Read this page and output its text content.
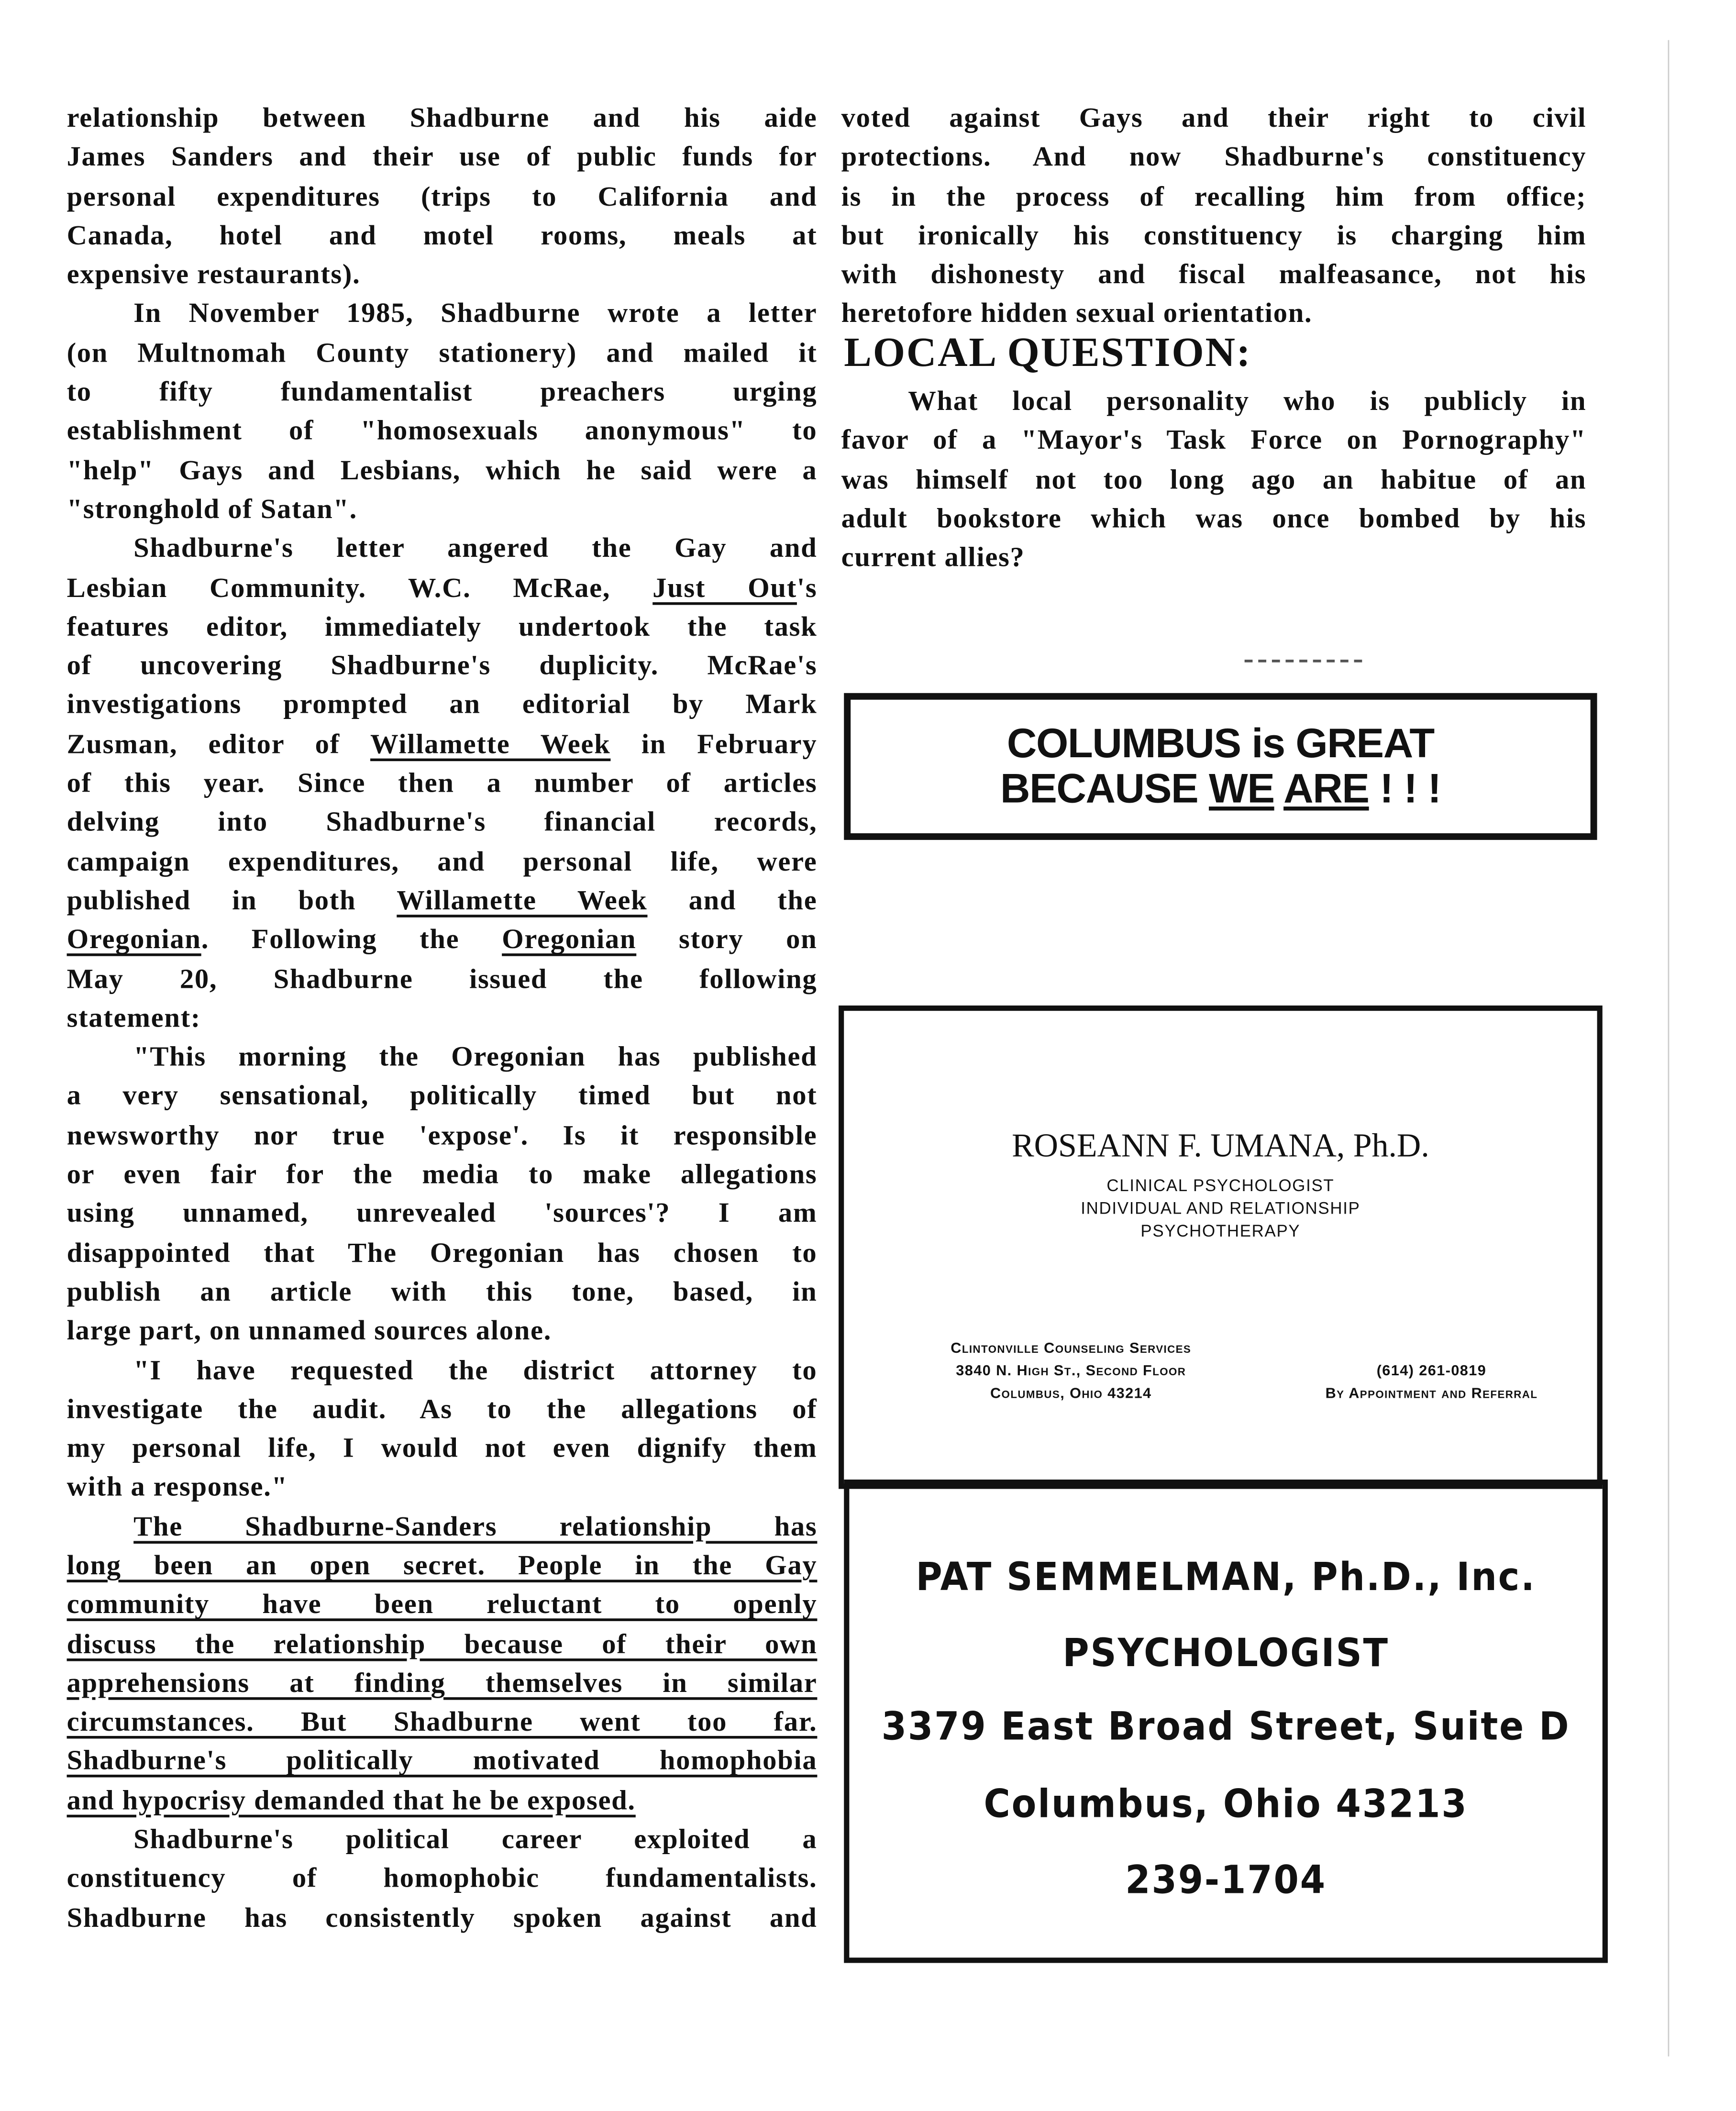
relationship between Shadburne and his aide
James Sanders and their use of public funds for
personal expenditures (trips to California and
Canada, hotel and motel rooms, meals at
expensive restaurants).
In November 1985, Shadburne wrote a letter
(on Multnomah County stationery) and mailed it
to fifty fundamentalist preachers urging
establishment of "homosexuals anonymous" to
"help" Gays and Lesbians, which he said were a
"stronghold of Satan".
Shadburne's letter angered the Gay and
Lesbian Community. W.C. McRae, Just Out's
features editor, immediately undertook the task
of uncovering Shadburne's duplicity. McRae's
investigations prompted an editorial by Mark
Zusman, editor of Willamette Week in February
of this year. Since then a number of articles
delving into Shadburne's financial records,
campaign expenditures, and personal life, were
published in both Willamette Week and the
Oregonian. Following the Oregonian story on
May 20, Shadburne issued the following
statement:
"This morning the Oregonian has published
a very sensational, politically timed but not
newsworthy nor true 'expose'. Is it responsible
or even fair for the media to make allegations
using unnamed, unrevealed 'sources'? I am
disappointed that The Oregonian has chosen to
publish an article with this tone, based, in
large part, on unnamed sources alone.
"I have requested the district attorney to
investigate the audit. As to the allegations of
my personal life, I would not even dignify them
with a response."
The Shadburne-Sanders relationship has
long been an open secret. People in the Gay
community have been reluctant to openly
discuss the relationship because of their own
apprehensions at finding themselves in similar
circumstances. But Shadburne went too far.
Shadburne's politically motivated homophobia
and hypocrisy demanded that he be exposed.
Shadburne's political career exploited a
constituency of homophobic fundamentalists.
Shadburne has consistently spoken against and
voted against Gays and their right to civil
protections. And now Shadburne's constituency
is in the process of recalling him from office;
but ironically his constituency is charging him
with dishonesty and fiscal malfeasance, not his
heretofore hidden sexual orientation.
LOCAL QUESTION:
What local personality who is publicly in
favor of a "Mayor's Task Force on Pornography"
was himself not too long ago an habitue of an
adult bookstore which was once bombed by his
current allies?
COLUMBUS is GREAT
BECAUSE WE ARE ! ! !
ROSEANN F. UMANA, Ph.D.
CLINICAL PSYCHOLOGIST
INDIVIDUAL AND RELATIONSHIP
PSYCHOTHERAPY
Clintonville Counseling Services
3840 N. High St., Second Floor
Columbus, Ohio 43214
(614) 261-0819
By Appointment and Referral
PAT SEMMELMAN, Ph.D., Inc.
PSYCHOLOGIST
3379 East Broad Street, Suite D
Columbus, Ohio 43213
239-1704
